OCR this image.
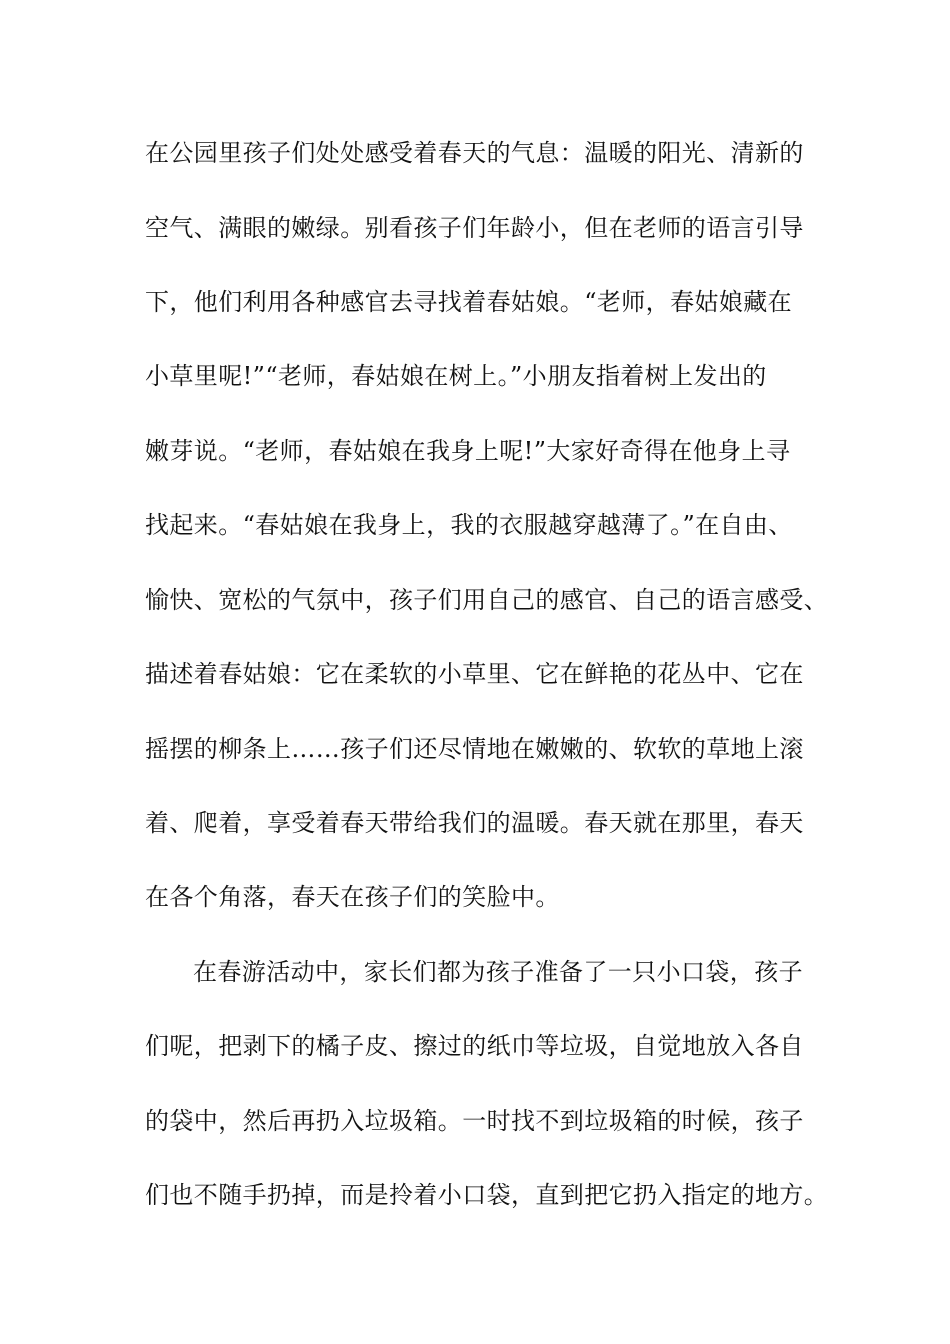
在公园里孩子们处处感受着春天的气息：温暖的阳光、清新的
空气、满眼的嫩绿。别看孩子们年龄小，但在老师的语言引导
下，他们利用各种感官去寻找着春姑娘。“老师，春姑娘藏在
小草里呢!”“老师，春姑娘在树上。”小朋友指着树上发出的
嫩芽说。“老师，春姑娘在我身上呢!”大家好奇得在他身上寻
找起来。“春姑娘在我身上，我的衣服越穿越薄了。”在自由、
愉快、宽松的气氛中，孩子们用自己的感官、自己的语言感受、
描述着春姑娘：它在柔软的小草里、它在鲜艳的花丛中、它在
摇摆的柳条上……孩子们还尽情地在嫩嫩的、软软的草地上滚
着、爬着，享受着春天带给我们的温暖。春天就在那里，春天
在各个角落，春天在孩子们的笑脸中。
在春游活动中，家长们都为孩子准备了一只小口袋，孩子
们呢，把剥下的橘子皮、擦过的纸巾等垃圾，自觉地放入各自
的袋中，然后再扔入垃圾箱。一时找不到垃圾箱的时候，孩子
们也不随手扔掉，而是拎着小口袋，直到把它扔入指定的地方。
